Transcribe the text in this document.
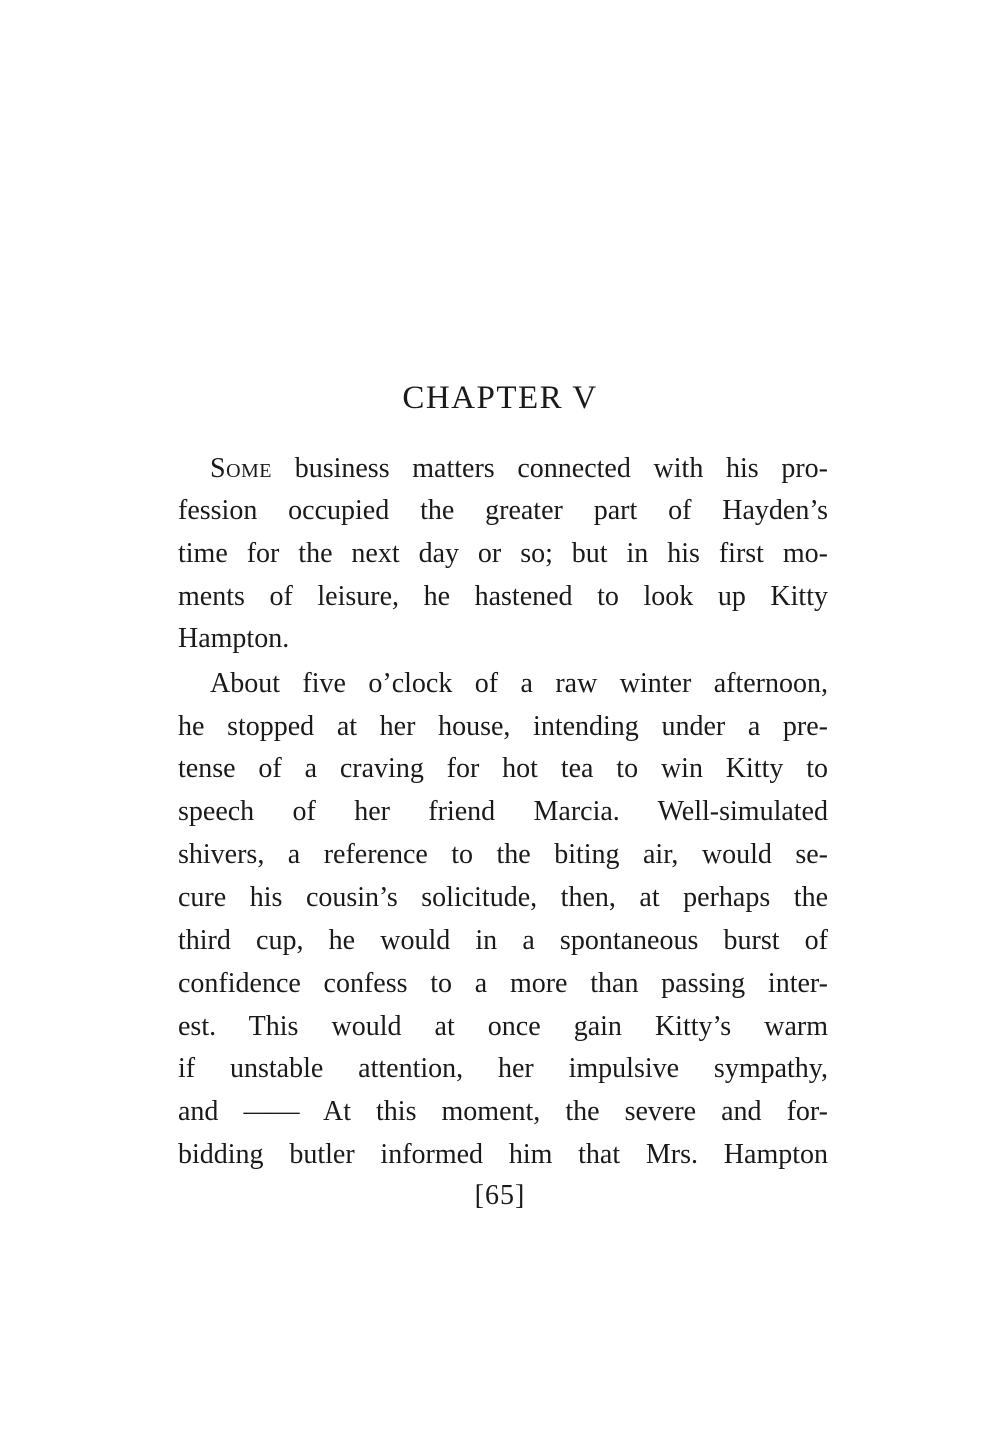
CHAPTER V

Some business matters connected with his pro-

fession occupied the greater part of Hayden’s

time for the next day or so; but in his first mo-

ments of leisure, he hastened to look up Kitty

Hampton.

About five o’clock of a raw winter afternoon,

he stopped at her house, intending under a pre-

tense of a craving for hot tea to win Kitty to

speech of her friend Marcia. Well-simulated

shivers, a reference to the biting air, would se-

cure his cousin’s solicitude, then, at perhaps the

third cup, he would in a spontaneous burst of

confidence confess to a more than passing inter-

est. This would at once gain Kitty’s warm

if unstable attention, her impulsive sympathy,

and —— At this moment, the severe and for-

bidding butler informed him that Mrs. Hampton

[65]
